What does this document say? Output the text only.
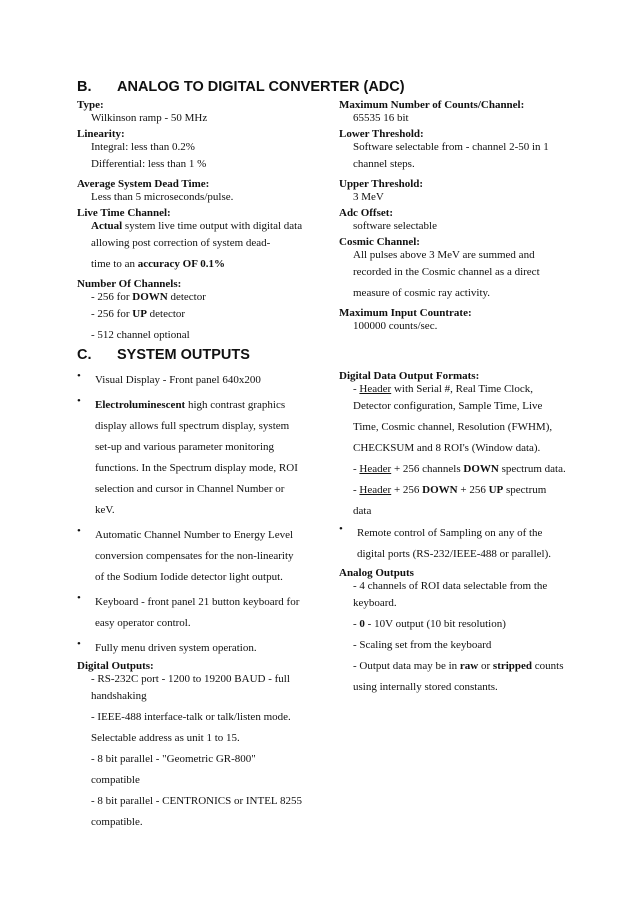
B. ANALOG TO DIGITAL CONVERTER (ADC)
Type:
Wilkinson ramp - 50 MHz
Linearity:
Integral: less than 0.2%
Differential: less than 1 %
Average System Dead Time:
Less than 5 microseconds/pulse.
Live Time Channel:
Actual system live time output with digital data
allowing post correction of system dead-
time to an accuracy OF 0.1%
Number Of Channels:
- 256 for DOWN detector
- 256 for UP detector
- 512 channel optional
Maximum Number of Counts/Channel:
65535 16 bit
Lower Threshold:
Software selectable from - channel 2-50 in 1
channel steps.
Upper Threshold:
3 MeV
Adc Offset:
software selectable
Cosmic Channel:
All pulses above 3 MeV are summed and
recorded in the Cosmic channel as a direct
measure of cosmic ray activity.
Maximum Input Countrate:
100000 counts/sec.
C. SYSTEM OUTPUTS
• Visual Display - Front panel 640x200
• Electroluminescent high contrast graphics
display allows full spectrum display, system
set-up and various parameter monitoring
functions. In the Spectrum display mode, ROI
selection and cursor in Channel Number or
keV.
• Automatic Channel Number to Energy Level
conversion compensates for the non-linearity
of the Sodium Iodide detector light output.
• Keyboard - front panel 21 button keyboard for
easy operator control.
• Fully menu driven system operation.
Digital Outputs:
- RS-232C port - 1200 to 19200 BAUD - full
handshaking
- IEEE-488 interface-talk or talk/listen mode.
Selectable address as unit 1 to 15.
- 8 bit parallel - "Geometric GR-800"
compatible
- 8 bit parallel - CENTRONICS or INTEL 8255
compatible.
Digital Data Output Formats:
- Header with Serial #, Real Time Clock,
Detector configuration, Sample Time, Live
Time, Cosmic channel, Resolution (FWHM),
CHECKSUM and 8 ROI's (Window data).
- Header + 256 channels DOWN spectrum data.
- Header + 256 DOWN + 256 UP spectrum
data
• Remote control of Sampling on any of the
digital ports (RS-232/IEEE-488 or parallel).
Analog Outputs
- 4 channels of ROI data selectable from the
keyboard.
- 0 - 10V output (10 bit resolution)
- Scaling set from the keyboard
- Output data may be in raw or stripped counts
using internally stored constants.
